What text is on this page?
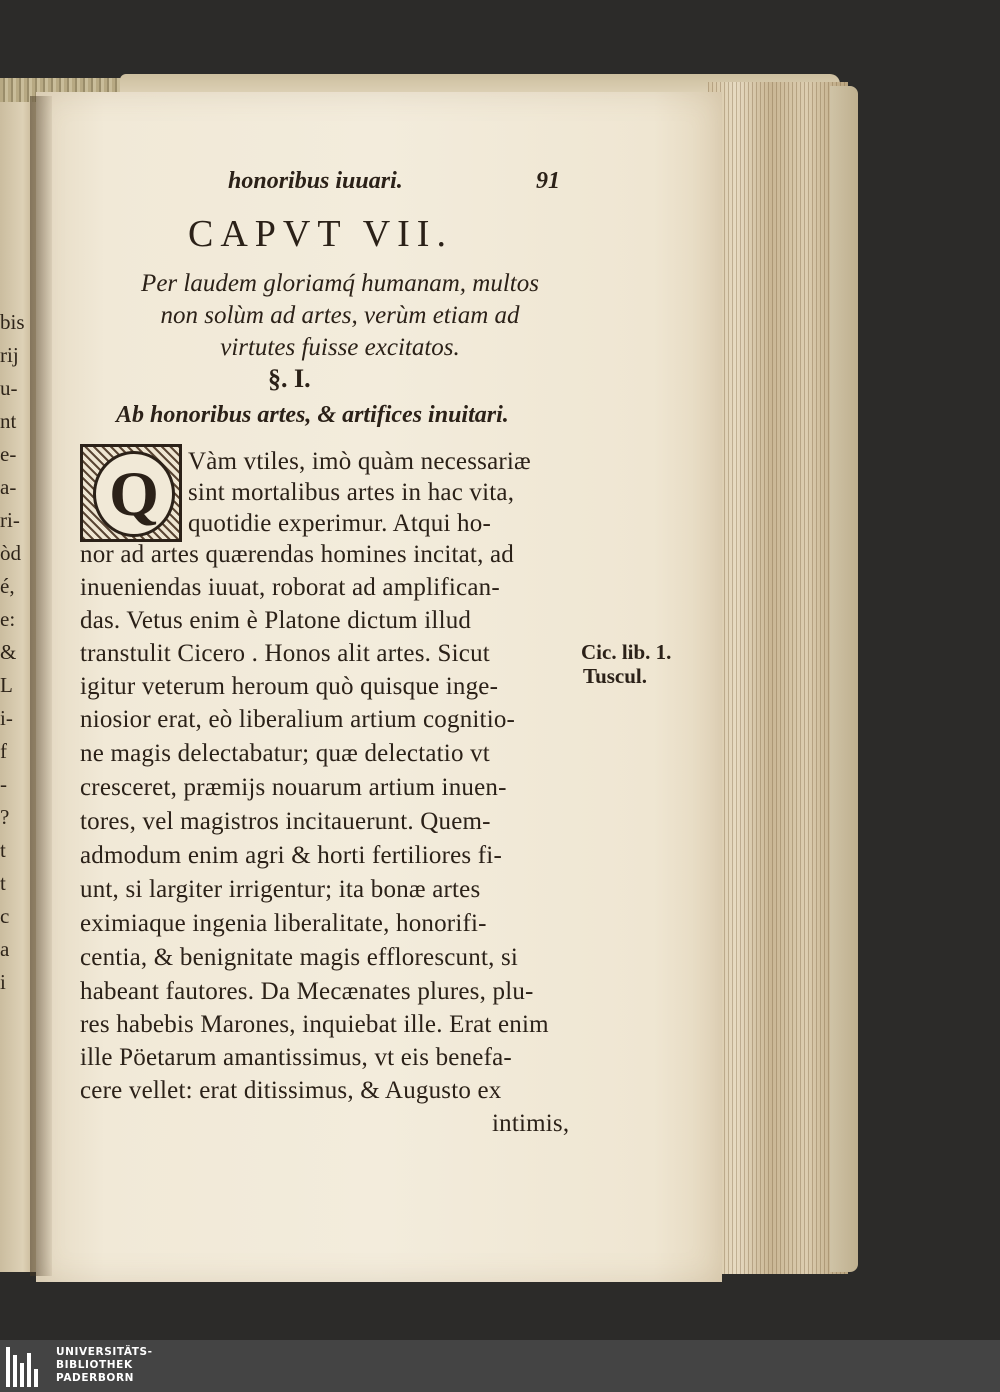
bis
rij
u-
nt
e-
a-
ri-
òd
é,
e:
&
L
i-
f
-
?
t
t
c
a
i
honoribus iuuari.	91
CAPVT VII.
Per laudem gloriamq́ humanam, multos
non solùm ad artes, verùm etiam ad
virtutes fuisse excitatos.
§. I.
Ab honoribus artes, & artifices inuitari.
Q	Vàm vtiles, imò quàm necessariæ
sint mortalibus artes in hac vita,
quotidie experimur. Atqui ho-
nor ad artes quærendas homines incitat, ad
inueniendas iuuat, roborat ad amplifican-
das. Vetus enim è Platone dictum illud
transtulit Cicero . Honos alit artes. Sicut
igitur veterum heroum quò quisque inge-
niosior erat, eò liberalium artium cognitio-
ne magis delectabatur; quæ delectatio vt
cresceret, præmijs nouarum artium inuen-
tores, vel magistros incitauerunt. Quem-
admodum enim agri & horti fertiliores fi-
unt, si largiter irrigentur; ita bonæ artes
eximiaque ingenia liberalitate, honorifi-
centia, & benignitate magis efflorescunt, si
habeant fautores. Da Mecænates plures, plu-
res habebis Marones, inquiebat ille. Erat enim
ille Pöetarum amantissimus, vt eis benefa-
cere vellet: erat ditissimus, & Augusto ex
intimis,
Cic. lib. 1.
Tuscul.
UNIVERSITÄTS-
BIBLIOTHEK
PADERBORN
